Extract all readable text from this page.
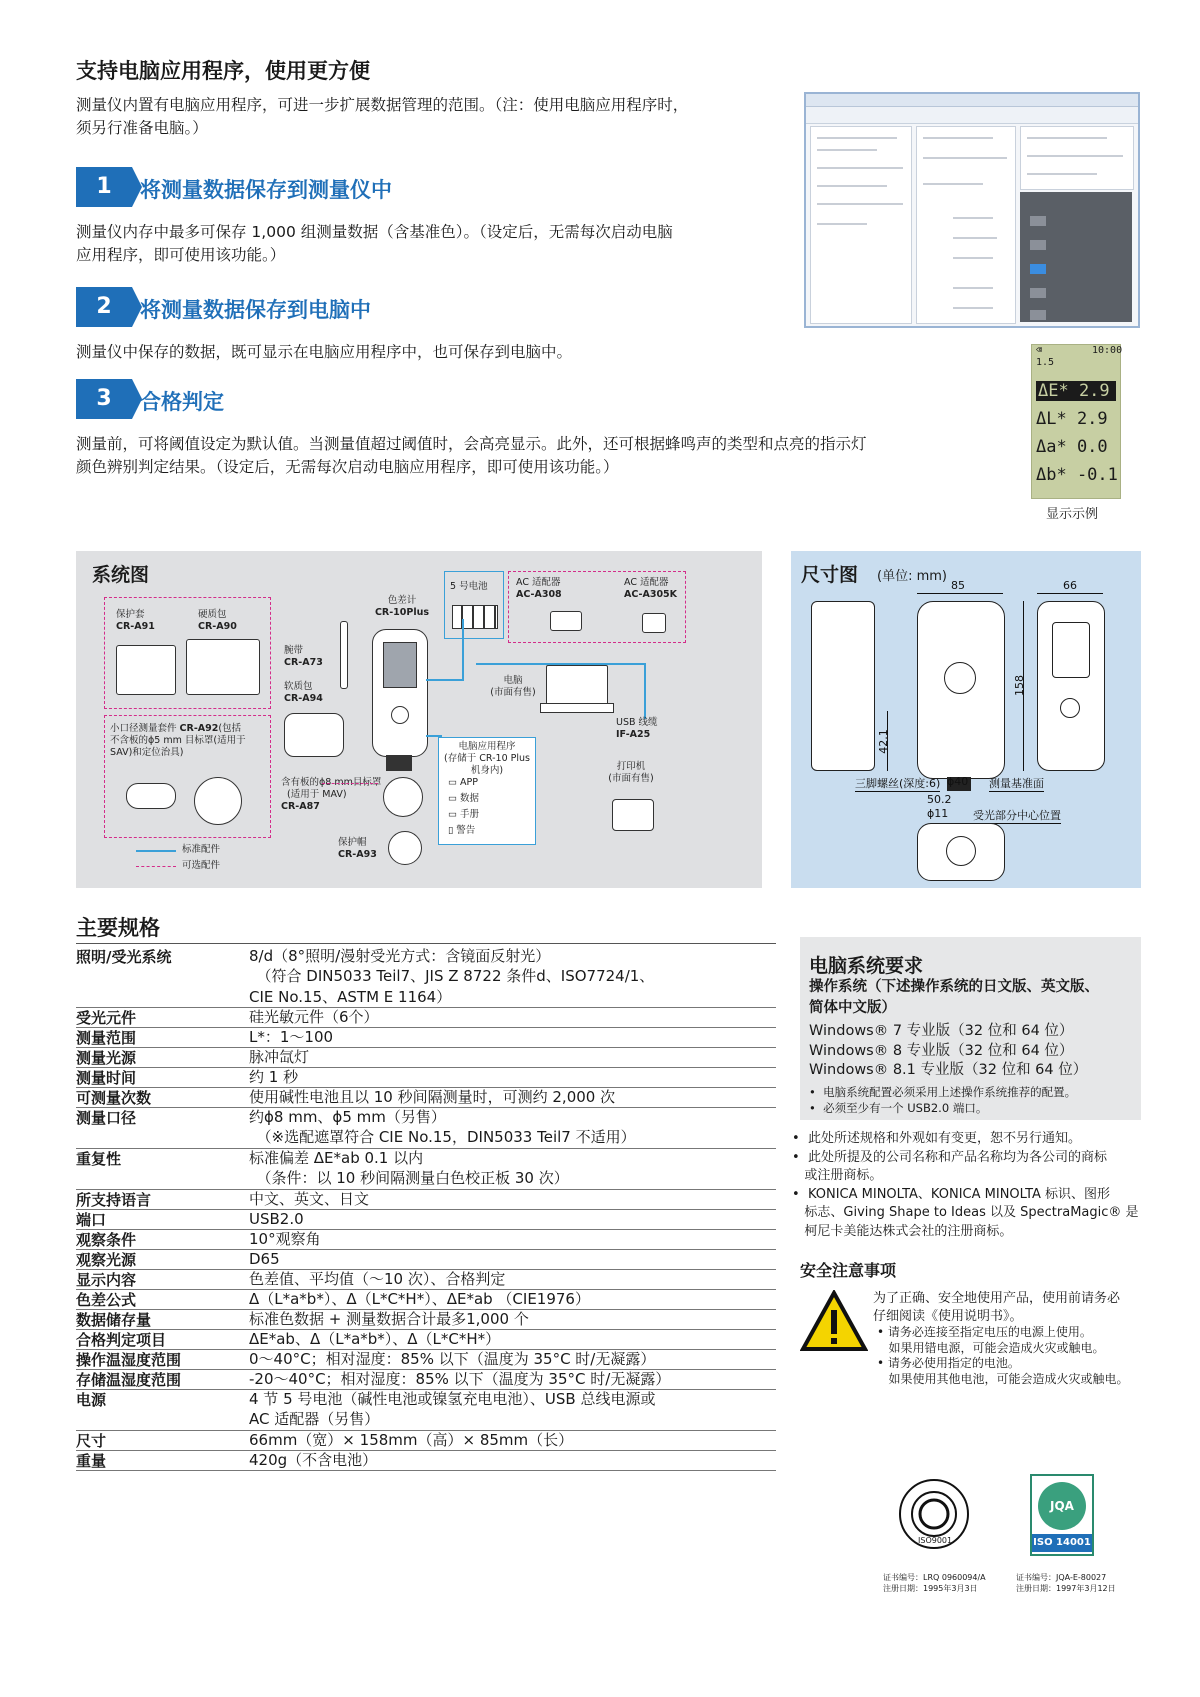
支持电脑应用程序，使用更方便
测量仪内置有电脑应用程序，可进一步扩展数据管理的范围。（注：使用电脑应用程序时，
须另行准备电脑。）
1	将测量数据保存到测量仪中
测量仪内存中最多可保存 1,000 组测量数据（含基准色）。（设定后，无需每次启动电脑
应用程序，即可使用该功能。）
2	将测量数据保存到电脑中
测量仪中保存的数据，既可显示在电脑应用程序中，也可保存到电脑中。
3	合格判定
测量前，可将阈值设定为默认值。当测量值超过阈值时，会高亮显示。此外，还可根据蜂鸣声的类型和点亮的指示灯
颜色辨别判定结果。（设定后，无需每次启动电脑应用程序，即可使用该功能。）
⌫	10:00
1.5
ΔE* 2.9
ΔL* 2.9
Δa* 0.0
Δb* -0.1
显示示例
系统图
保护套
CR-A91
硬质包
CR-A90
小口径测量套件 CR-A92(包括
不含板的ϕ5 mm 目标罩(适用于
SAV)和定位治具)
标准配件
可选配件
腕带
CR-A73
软质包
CR-A94
色差计
CR-10Plus
含有板的ϕ8 mm目标罩
(适用于 MAV)
CR-A87
保护帽
CR-A93
5 号电池	AC 适配器
AC-A308
AC 适配器
AC-A305K
电脑
(市面有售)
USB 线缆
IF-A25
电脑应用程序
(存储于 CR-10 Plus
机身内)
▭ APP
▭ 数据
▭ 手册
▯ 警告
打印机
(市面有售)
尺寸图 (单位: mm)
85	66
158
42.1
三脚螺丝(深度:6) ϕ40 测量基准面
50.2
ϕ11 受光部分中心位置
主要规格
照明/受光系统	8/d（8°照明/漫射受光方式：含镜面反射光）
　（符合 DIN5033 Teil7、JIS Z 8722 条件d、ISO7724/1、
CIE No.15、ASTM E 1164）
受光元件	硅光敏元件（6个）
测量范围	L*：1～100
测量光源	脉冲氙灯
测量时间	约 1 秒
可测量次数	使用碱性电池且以 10 秒间隔测量时，可测约 2,000 次
测量口径	约ϕ8 mm、ϕ5 mm（另售）
　（※选配遮罩符合 CIE No.15，DIN5033 Teil7 不适用）
重复性	标准偏差 ΔE*ab 0.1 以内
　（条件：以 10 秒间隔测量白色校正板 30 次）
所支持语言	中文、英文、日文
端口	USB2.0
观察条件	10°观察角
观察光源	D65
显示内容	色差值、平均值（～10 次）、合格判定
色差公式	Δ（L*a*b*）、Δ（L*C*H*）、ΔE*ab （CIE1976）
数据储存量	标准色数据 + 测量数据合计最多1,000 个
合格判定项目	ΔE*ab、Δ（L*a*b*）、Δ（L*C*H*）
操作温湿度范围	0～40°C；相对湿度：85% 以下（温度为 35°C 时/无凝露）
存储温湿度范围	-20～40°C；相对湿度：85% 以下（温度为 35°C 时/无凝露）
电源	4 节 5 号电池（碱性电池或镍氢充电电池）、USB 总线电源或
AC 适配器（另售）
尺寸	66mm（宽）× 158mm（高）× 85mm（长）
重量	420g（不含电池）
电脑系统要求
操作系统（下述操作系统的日文版、英文版、
简体中文版）
Windows® 7 专业版（32 位和 64 位）
Windows® 8 专业版（32 位和 64 位）
Windows® 8.1 专业版（32 位和 64 位）
•  电脑系统配置必须采用上述操作系统推荐的配置。
•  必须至少有一个 USB2.0 端口。
•  此处所述规格和外观如有变更，恕不另行通知。
•  此处所提及的公司名称和产品名称均为各公司的商标
或注册商标。
•  KONICA MINOLTA、KONICA MINOLTA 标识、图形
标志、Giving Shape to Ideas 以及 SpectraMagic® 是
柯尼卡美能达株式会社的注册商标。
安全注意事项
为了正确、安全地使用产品，使用前请务必
仔细阅读《使用说明书》。
• 请务必连接至指定电压的电源上使用。
如果用错电源，可能会造成火灾或触电。
• 请务必使用指定的电池。
如果使用其他电池，可能会造成火灾或触电。
ISO9001
证书编号：LRQ 0960094/A
注册日期：1995年3月3日
JQA
ISO 14001
证书编号：JQA-E-80027
注册日期：1997年3月12日
